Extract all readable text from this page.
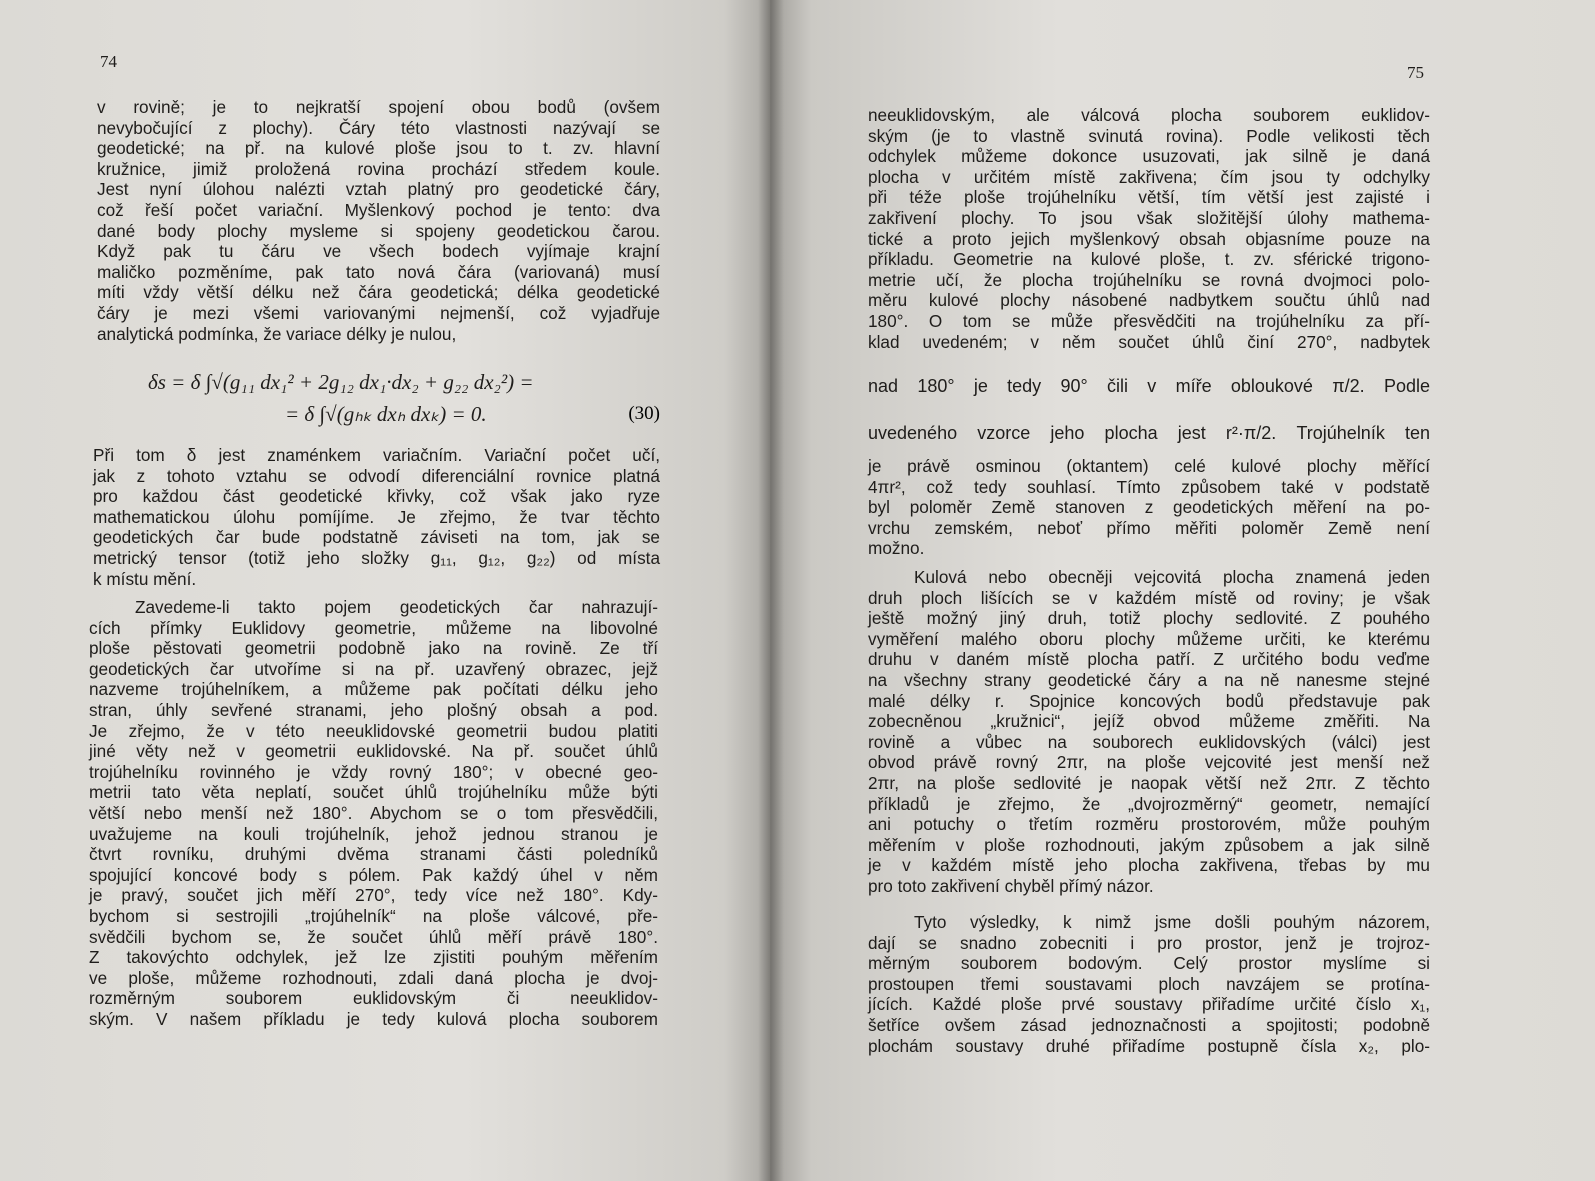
74
v rovině; je to nejkratší spojení obou bodů (ovšem
nevybočující z plochy). Čáry této vlastnosti nazývají se
geodetické; na př. na kulové ploše jsou to t. zv. hlavní
kružnice, jimiž proložená rovina prochází středem koule.
Jest nyní úlohou nalézti vztah platný pro geodetické čáry,
což řeší počet variační. Myšlenkový pochod je tento: dva
dané body plochy mysleme si spojeny geodetickou čarou.
Když pak tu čáru ve všech bodech vyjímaje krajní
maličko pozměníme, pak tato nová čára (variovaná) musí
míti vždy větší délku než čára geodetická; délka geodetické
čáry je mezi všemi variovanými nejmenší, což vyjadřuje
analytická podmínka, že variace délky je nulou,
δs = δ ∫√(g₁₁ dx₁² + 2g₁₂ dx₁·dx₂ + g₂₂ dx₂²) =
= δ ∫√(gₕₖ dxₕ dxₖ) = 0.	(30)
Při tom δ jest znaménkem variačním. Variační počet učí,
jak z tohoto vztahu se odvodí diferenciální rovnice platná
pro každou část geodetické křivky, což však jako ryze
mathematickou úlohu pomíjíme. Je zřejmo, že tvar těchto
geodetických čar bude podstatně záviseti na tom, jak se
metrický tensor (totiž jeho složky g₁₁, g₁₂, g₂₂) od místa
k místu mění.
Zavedeme-li takto pojem geodetických čar nahrazují-
cích přímky Euklidovy geometrie, můžeme na libovolné
ploše pěstovati geometrii podobně jako na rovině. Ze tří
geodetických čar utvoříme si na př. uzavřený obrazec, jejž
nazveme trojúhelníkem, a můžeme pak počítati délku jeho
stran, úhly sevřené stranami, jeho plošný obsah a pod.
Je zřejmo, že v této neeuklidovské geometrii budou platiti
jiné věty než v geometrii euklidovské. Na př. součet úhlů
trojúhelníku rovinného je vždy rovný 180°; v obecné geo-
metrii tato věta neplatí, součet úhlů trojúhelníku může býti
větší nebo menší než 180°. Abychom se o tom přesvědčili,
uvažujeme na kouli trojúhelník, jehož jednou stranou je
čtvrt rovníku, druhými dvěma stranami části poledníků
spojující koncové body s pólem. Pak každý úhel v něm
je pravý, součet jich měří 270°, tedy více než 180°. Kdy-
bychom si sestrojili „trojúhelník“ na ploše válcové, pře-
svědčili bychom se, že součet úhlů měří právě 180°.
Z takovýchto odchylek, jež lze zjistiti pouhým měřením
ve ploše, můžeme rozhodnouti, zdali daná plocha je dvoj-
rozměrným souborem euklidovským či neeuklidov-
ským. V našem příkladu je tedy kulová plocha souborem
75
neeuklidovským, ale válcová plocha souborem euklidov-
ským (je to vlastně svinutá rovina). Podle velikosti těch
odchylek můžeme dokonce usuzovati, jak silně je daná
plocha v určitém místě zakřivena; čím jsou ty odchylky
při téže ploše trojúhelníku větší, tím větší jest zajisté i
zakřivení plochy. To jsou však složitější úlohy mathema-
tické a proto jejich myšlenkový obsah objasníme pouze na
příkladu. Geometrie na kulové ploše, t. zv. sférické trigono-
metrie učí, že plocha trojúhelníku se rovná dvojmoci polo-
měru kulové plochy násobené nadbytkem součtu úhlů nad
180°. O tom se může přesvědčiti na trojúhelníku za pří-
klad uvedeném; v něm součet úhlů činí 270°, nadbytek
nad 180° je tedy 90° čili v míře obloukové π/2. Podle
uvedeného vzorce jeho plocha jest r²·π/2. Trojúhelník ten
je právě osminou (oktantem) celé kulové plochy měřící
4πr², což tedy souhlasí. Tímto způsobem také v podstatě
byl poloměr Země stanoven z geodetických měření na po-
vrchu zemském, neboť přímo měřiti poloměr Země není
možno.
Kulová nebo obecněji vejcovitá plocha znamená jeden
druh ploch lišících se v každém místě od roviny; je však
ještě možný jiný druh, totiž plochy sedlovité. Z pouhého
vyměření malého oboru plochy můžeme určiti, ke kterému
druhu v daném místě plocha patří. Z určitého bodu veďme
na všechny strany geodetické čáry a na ně nanesme stejné
malé délky r. Spojnice koncových bodů představuje pak
zobecněnou „kružnici“, jejíž obvod můžeme změřiti. Na
rovině a vůbec na souborech euklidovských (válci) jest
obvod právě rovný 2πr, na ploše vejcovité jest menší než
2πr, na ploše sedlovité je naopak větší než 2πr. Z těchto
příkladů je zřejmo, že „dvojrozměrný“ geometr, nemající
ani potuchy o třetím rozměru prostorovém, může pouhým
měřením v ploše rozhodnouti, jakým způsobem a jak silně
je v každém místě jeho plocha zakřivena, třebas by mu
pro toto zakřivení chyběl přímý názor.
Tyto výsledky, k nimž jsme došli pouhým názorem,
dají se snadno zobecniti i pro prostor, jenž je trojroz-
měrným souborem bodovým. Celý prostor myslíme si
prostoupen třemi soustavami ploch navzájem se protína-
jících. Každé ploše prvé soustavy přiřadíme určité číslo x₁,
šetříce ovšem zásad jednoznačnosti a spojitosti; podobně
plochám soustavy druhé přiřadíme postupně čísla x₂, plo-
